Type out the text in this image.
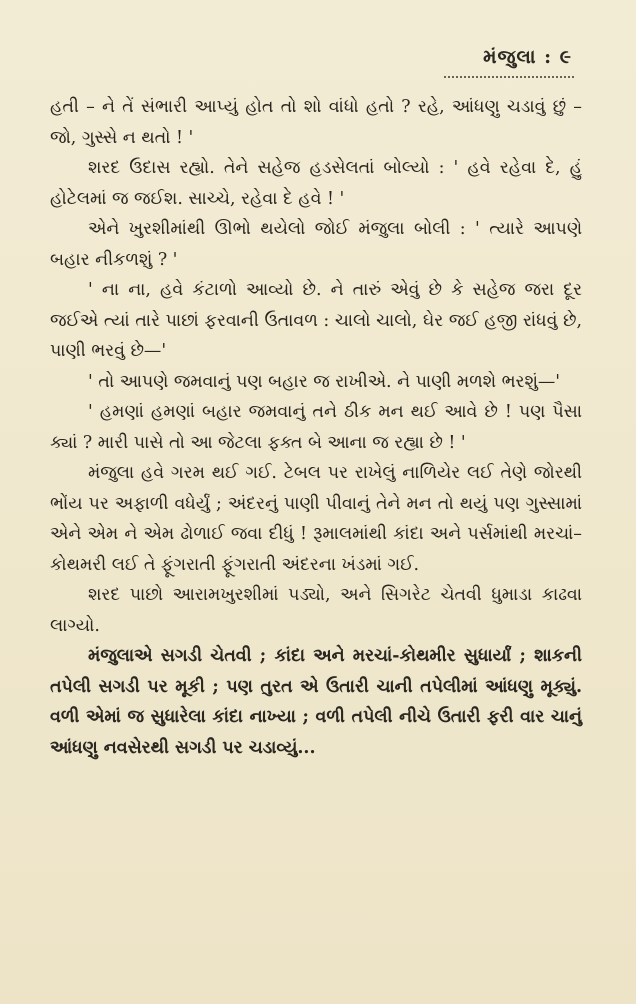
મંજુલા : ૯

હતી – ને તેં સંભારી આપ્યું હોત તો શો વાંધો હતો ? રહે, આંધણુ ચડાવું છું – જો, ગુસ્સે ન થતો ! '

શરદ ઉદાસ રહ્યો. તેને સહેજ હડસેલતાં બોલ્યો : ' હવે રહેવા દે, હું હોટેલમાં જ જઈશ. સાચ્ચે, રહેવા દે હવે ! '

એને ખુરશીમાંથી ઊભો થયેલો જોઈ મંજુલા બોલી : ' ત્યારે આપણે બહાર નીકળશું ? '

' ના ના, હવે કંટાળો આવ્યો છે. ને તારું એવું છે કે સહેજ જરા દૂર જઈએ ત્યાં તારે પાછાં ફરવાની ઉતાવળ : ચાલો ચાલો, ઘેર જઈ હજી રાંધવું છે, પાણી ભરવું છે—'

' તો આપણે જમવાનું પણ બહાર જ રાખીએ. ને પાણી મળશે ભરશું—'

' હમણાં હમણાં બહાર જમવાનું તને ઠીક મન થઈ આવે છે ! પણ પૈસા ક્યાં ? મારી પાસે તો આ જેટલા ફક્ત બે આના જ રહ્યા છે ! '

મંજુલા હવે ગરમ થઈ ગઈ. ટેબલ પર રાખેલું નાળિયેર લઈ તેણે જોરથી ભોંય પર અફાળી વધેર્યું ; અંદરનું પાણી પીવાનું તેને મન તો થયું પણ ગુસ્સામાં એને એમ ને એમ ઢોળાઈ જવા દીધું ! રૂમાલમાંથી કાંદા અને પર્સમાંથી મરચાં–કોથમરી લઈ તે ફૂંગરાતી ફૂંગરાતી અંદરના ખંડમાં ગઈ.

શરદ પાછો આરામખુરશીમાં પડ્યો, અને સિગરેટ ચેતવી ધુમાડા કાઢવા લાગ્યો.

મંજુલાએ સગડી ચેતવી ; કાંદા અને મરચાં-કોથમીર સુધાર્યાં ; શાકની તપેલી સગડી પર મૂકી ; પણ તુરત એ ઉતારી ચાની તપેલીમાં આંધણુ મૂક્યું. વળી એમાં જ સુધારેલા કાંદા નાખ્યા ; વળી તપેલી નીચે ઉતારી ફરી વાર ચાનું આંધણુ નવસેરથી સગડી પર ચડાવ્યું...
